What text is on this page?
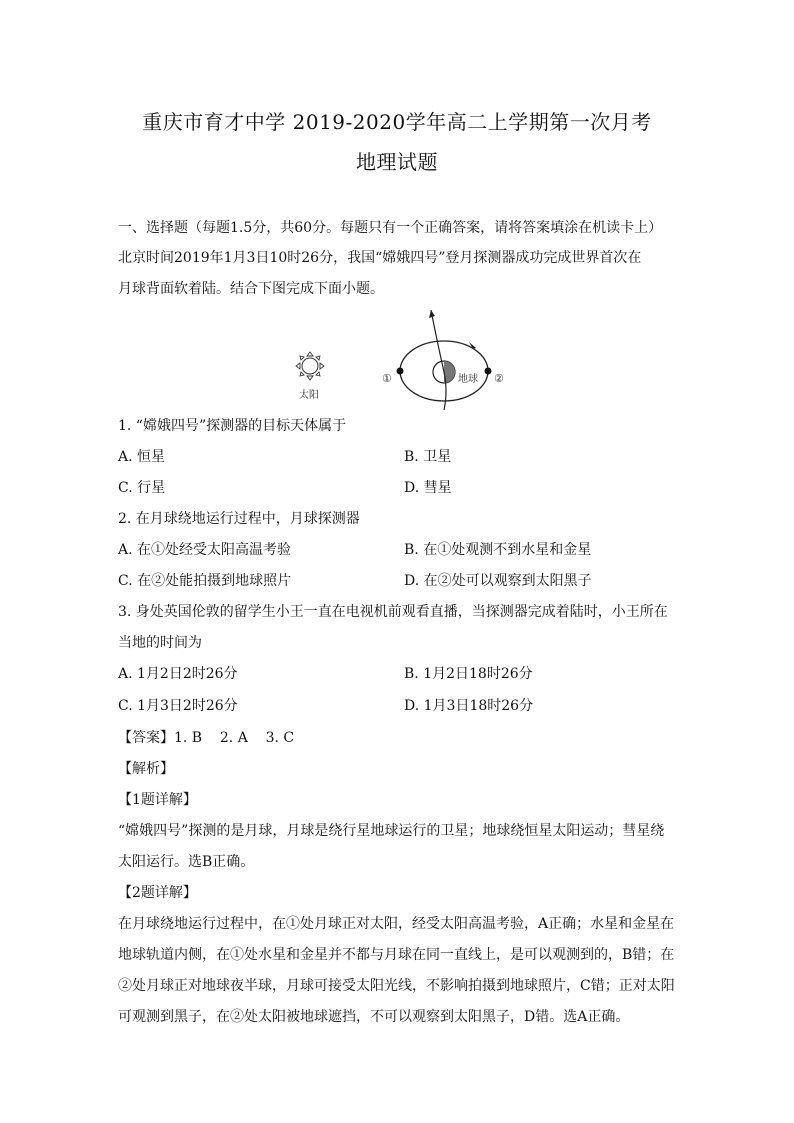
重庆市育才中学 2019-2020学年高二上学期第一次月考
地理试题
一、选择题（每题1.5分，共60分。每题只有一个正确答案，请将答案填涂在机读卡上）
北京时间2019年1月3日10时26分，我国“嫦娥四号”登月探测器成功完成世界首次在
月球背面软着陆。结合下图完成下面小题。
太阳
地球
①	②
1. “嫦娥四号”探测器的目标天体属于
A. 恒星	B. 卫星
C. 行星	D. 彗星
2. 在月球绕地运行过程中，月球探测器
A. 在①处经受太阳高温考验	B. 在①处观测不到水星和金星
C. 在②处能拍摄到地球照片	D. 在②处可以观察到太阳黑子
3. 身处英国伦敦的留学生小王一直在电视机前观看直播，当探测器完成着陆时，小王所在
当地的时间为
A. 1月2日2时26分	B. 1月2日18时26分
C. 1月3日2时26分	D. 1月3日18时26分
【答案】1. B    2. A    3. C
【解析】
【1题详解】
“嫦娥四号”探测的是月球，月球是绕行星地球运行的卫星；地球绕恒星太阳运动；彗星绕
太阳运行。选B正确。
【2题详解】
在月球绕地运行过程中，在①处月球正对太阳，经受太阳高温考验，A正确；水星和金星在
地球轨道内侧，在①处水星和金星并不都与月球在同一直线上，是可以观测到的，B错；在
②处月球正对地球夜半球，月球可接受太阳光线，不影响拍摄到地球照片，C错；正对太阳
可观测到黑子，在②处太阳被地球遮挡，不可以观察到太阳黑子，D错。选A正确。
